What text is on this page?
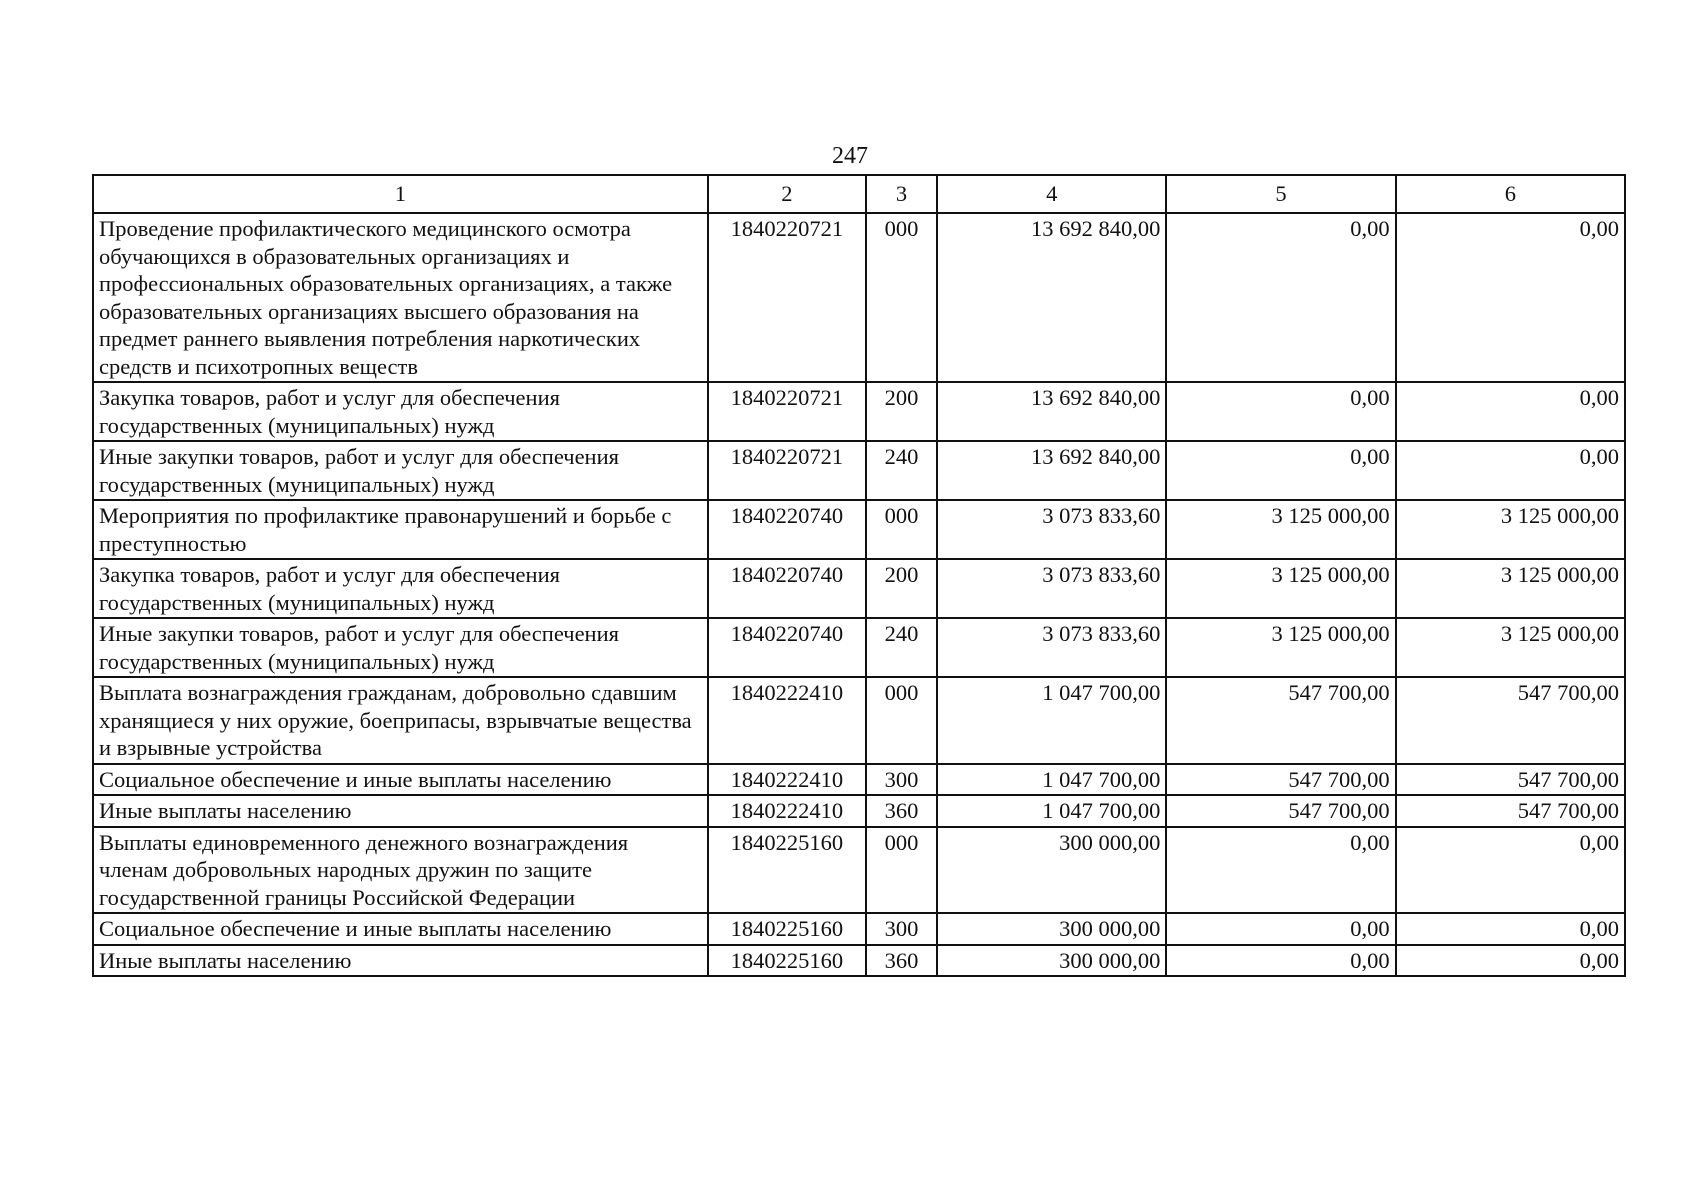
247
1	2	3	4	5	6
Проведение профилактического медицинского осмотра обучающихся в образовательных организациях и профессиональных образовательных организациях, а также образовательных организациях высшего образования на предмет раннего выявления потребления наркотических средств и психотропных веществ	1840220721	000	13 692 840,00	0,00	0,00
Закупка товаров, работ и услуг для обеспечения государственных (муниципальных) нужд	1840220721	200	13 692 840,00	0,00	0,00
Иные закупки товаров, работ и услуг для обеспечения государственных (муниципальных) нужд	1840220721	240	13 692 840,00	0,00	0,00
Мероприятия по профилактике правонарушений и борьбе с преступностью	1840220740	000	3 073 833,60	3 125 000,00	3 125 000,00
Закупка товаров, работ и услуг для обеспечения государственных (муниципальных) нужд	1840220740	200	3 073 833,60	3 125 000,00	3 125 000,00
Иные закупки товаров, работ и услуг для обеспечения государственных (муниципальных) нужд	1840220740	240	3 073 833,60	3 125 000,00	3 125 000,00
Выплата вознаграждения гражданам, добровольно сдавшим хранящиеся у них оружие, боеприпасы, взрывчатые вещества и взрывные устройства	1840222410	000	1 047 700,00	547 700,00	547 700,00
Социальное обеспечение и иные выплаты населению	1840222410	300	1 047 700,00	547 700,00	547 700,00
Иные выплаты населению	1840222410	360	1 047 700,00	547 700,00	547 700,00
Выплаты единовременного денежного вознаграждения членам добровольных народных дружин по защите государственной границы Российской Федерации	1840225160	000	300 000,00	0,00	0,00
Социальное обеспечение и иные выплаты населению	1840225160	300	300 000,00	0,00	0,00
Иные выплаты населению	1840225160	360	300 000,00	0,00	0,00
